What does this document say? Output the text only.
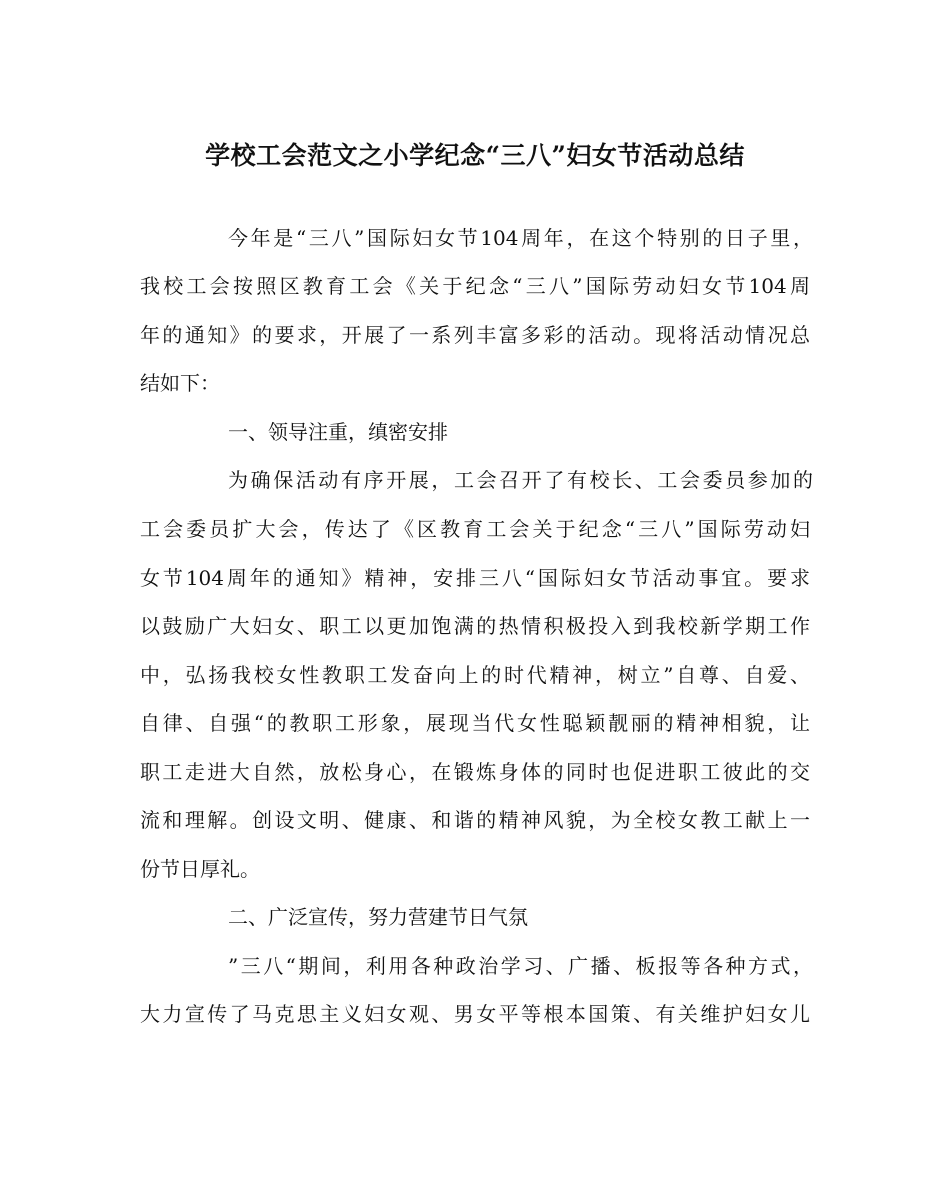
学校工会范文之小学纪念“三八”妇女节活动总结

今年是“三八”国际妇女节104周年，在这个特别的日子里，

我校工会按照区教育工会《关于纪念“三八”国际劳动妇女节104周

年的通知》的要求，开展了一系列丰富多彩的活动。现将活动情况总

结如下：

一、领导注重，缜密安排

为确保活动有序开展，工会召开了有校长、工会委员参加的

工会委员扩大会，传达了《区教育工会关于纪念“三八”国际劳动妇

女节104周年的通知》精神，安排三八“国际妇女节活动事宜。要求

以鼓励广大妇女、职工以更加饱满的热情积极投入到我校新学期工作

中，弘扬我校女性教职工发奋向上的时代精神，树立”自尊、自爱、

自律、自强“的教职工形象，展现当代女性聪颖靓丽的精神相貌，让

职工走进大自然，放松身心，在锻炼身体的同时也促进职工彼此的交

流和理解。创设文明、健康、和谐的精神风貌，为全校女教工献上一

份节日厚礼。

二、广泛宣传，努力营建节日气氛

”三八“期间，利用各种政治学习、广播、板报等各种方式，

大力宣传了马克思主义妇女观、男女平等根本国策、有关维护妇女儿
